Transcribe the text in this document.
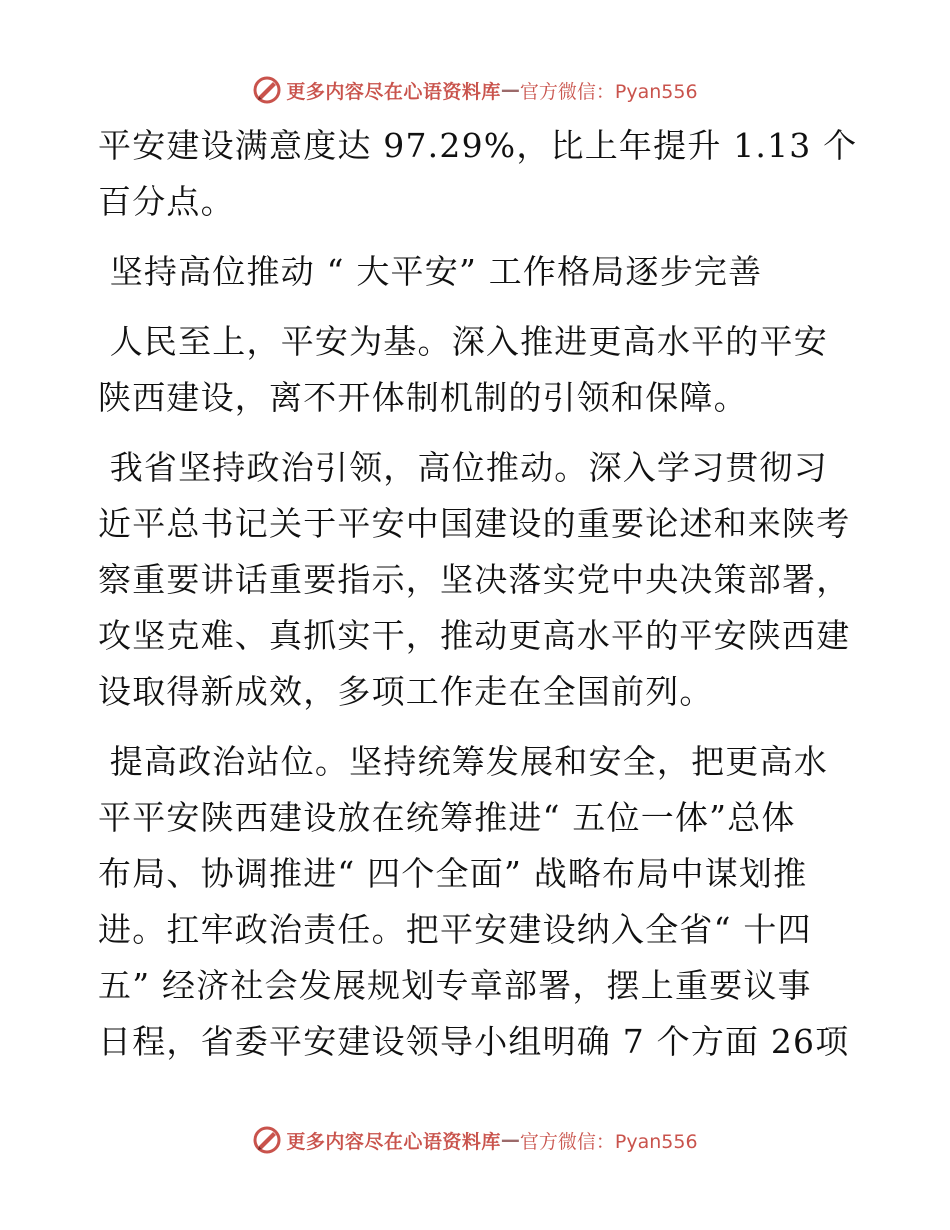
更多内容尽在心语资料库 — 官方微信：Pyan556

平安建设满意度达 97.29%，比上年提升 1.13 个
百分点。

坚持高位推动 “ 大平安” 工作格局逐步完善

人民至上，平安为基。深入推进更高水平的平安
陕西建设，离不开体制机制的引领和保障。

我省坚持政治引领，高位推动。深入学习贯彻习
近平总书记关于平安中国建设的重要论述和来陕考
察重要讲话重要指示，坚决落实党中央决策部署，
攻坚克难、真抓实干，推动更高水平的平安陕西建
设取得新成效，多项工作走在全国前列。

提高政治站位。坚持统筹发展和安全，把更高水
平平安陕西建设放在统筹推进“ 五位一体”总体
布局、协调推进“ 四个全面” 战略布局中谋划推
进。扛牢政治责任。把平安建设纳入全省“ 十四
五” 经济社会发展规划专章部署，摆上重要议事
日程，省委平安建设领导小组明确 7 个方面 26项

更多内容尽在心语资料库 — 官方微信：Pyan556
